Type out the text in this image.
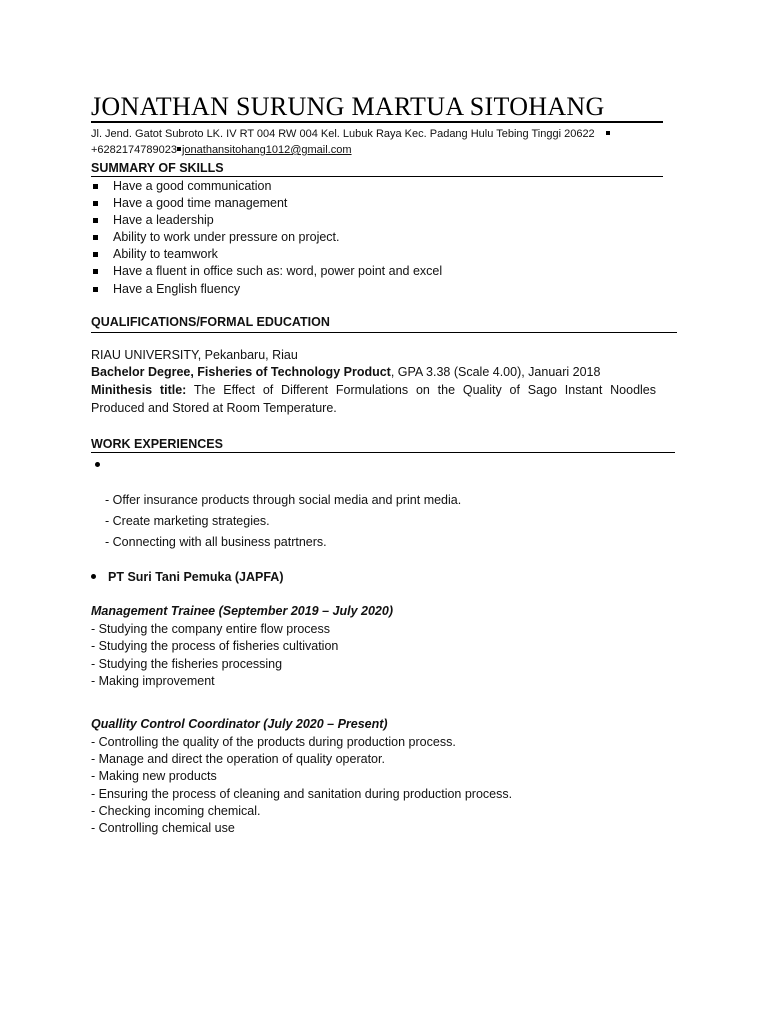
JONATHAN SURUNG MARTUA SITOHANG
Jl. Jend. Gatot Subroto LK. IV RT 004 RW 004 Kel. Lubuk Raya Kec. Padang Hulu Tebing Tinggi 20622
+6282174789023 jonathansitohang1012@gmail.com
SUMMARY OF SKILLS
Have a good communication
Have a good time management
Have a leadership
Ability to work under pressure on project.
Ability to teamwork
Have a fluent in office such as: word, power point and excel
Have a English fluency
QUALIFICATIONS/FORMAL EDUCATION
RIAU UNIVERSITY, Pekanbaru, Riau
Bachelor Degree, Fisheries of Technology Product, GPA 3.38 (Scale 4.00), Januari 2018
Minithesis title: The Effect of Different Formulations on the Quality of Sago Instant Noodles
Produced and Stored at Room Temperature.
WORK EXPERIENCES
- Offer insurance products through social media and print media.
- Create marketing strategies.
- Connecting with all business patrtners.
PT Suri Tani Pemuka (JAPFA)
Management Trainee (September 2019 – July 2020)
- Studying the company entire flow process
- Studying the process of fisheries cultivation
- Studying the fisheries processing
- Making improvement
Quallity Control Coordinator (July 2020 – Present)
- Controlling the quality of the products during production process.
- Manage and direct the operation of quality operator.
- Making new products
- Ensuring the process of cleaning and sanitation during production process.
- Checking incoming chemical.
- Controlling chemical use
